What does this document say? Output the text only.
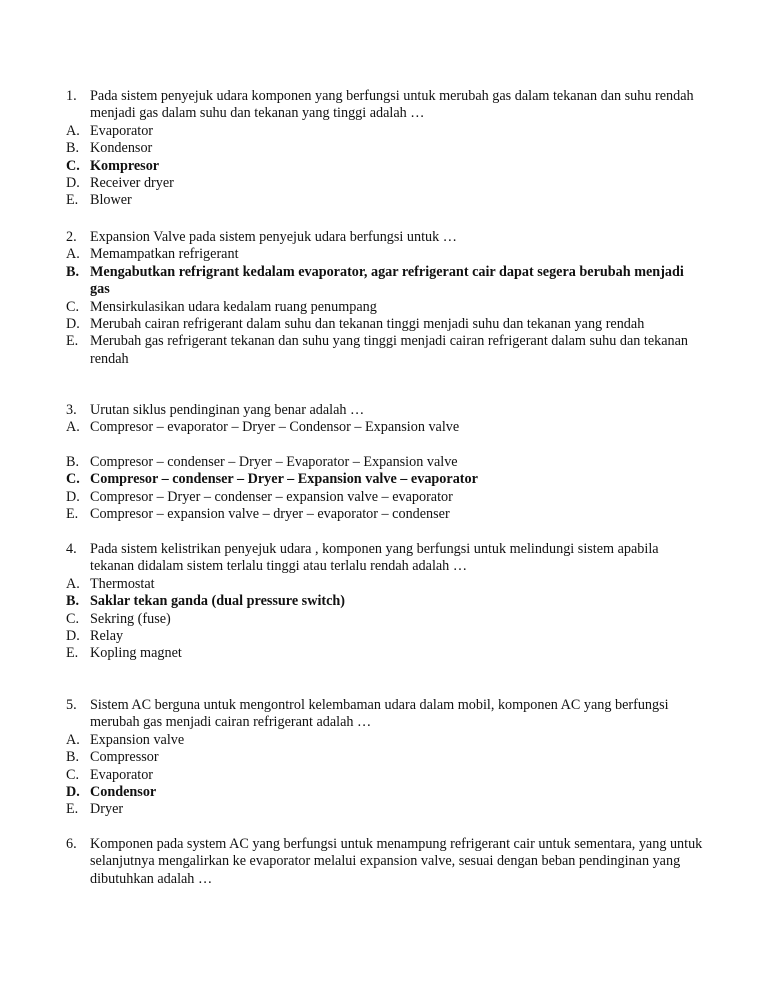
1. Pada sistem penyejuk udara komponen yang berfungsi untuk merubah gas dalam tekanan dan suhu rendah menjadi gas dalam suhu dan tekanan yang tinggi adalah …
A. Evaporator
B. Kondensor
C. Kompresor
D. Receiver dryer
E. Blower
2. Expansion Valve pada sistem penyejuk udara berfungsi untuk …
A. Memampatkan refrigerant
B. Mengabutkan refrigrant kedalam evaporator, agar refrigerant cair dapat segera berubah menjadi gas
C. Mensirkulasikan udara kedalam ruang penumpang
D. Merubah cairan refrigerant dalam suhu dan tekanan tinggi menjadi suhu dan tekanan yang rendah
E. Merubah gas refrigerant tekanan dan suhu yang tinggi menjadi cairan refrigerant dalam suhu dan tekanan rendah
3. Urutan siklus pendinginan yang benar adalah …
A. Compresor – evaporator – Dryer – Condensor – Expansion valve
B. Compresor – condenser – Dryer – Evaporator – Expansion valve
C. Compresor – condenser – Dryer – Expansion valve – evaporator
D. Compresor – Dryer – condenser – expansion valve – evaporator
E. Compresor – expansion valve – dryer – evaporator – condenser
4. Pada sistem kelistrikan penyejuk udara , komponen yang berfungsi untuk melindungi sistem apabila tekanan didalam sistem terlalu tinggi atau terlalu rendah adalah …
A. Thermostat
B. Saklar tekan ganda (dual pressure switch)
C. Sekring (fuse)
D. Relay
E. Kopling magnet
5. Sistem AC berguna untuk mengontrol kelembaman udara dalam mobil, komponen AC yang berfungsi merubah gas menjadi cairan refrigerant adalah …
A. Expansion valve
B. Compressor
C. Evaporator
D. Condensor
E. Dryer
6. Komponen pada system AC yang berfungsi untuk menampung refrigerant cair untuk sementara, yang untuk selanjutnya mengalirkan ke evaporator melalui expansion valve, sesuai dengan beban pendinginan yang dibutuhkan adalah …
